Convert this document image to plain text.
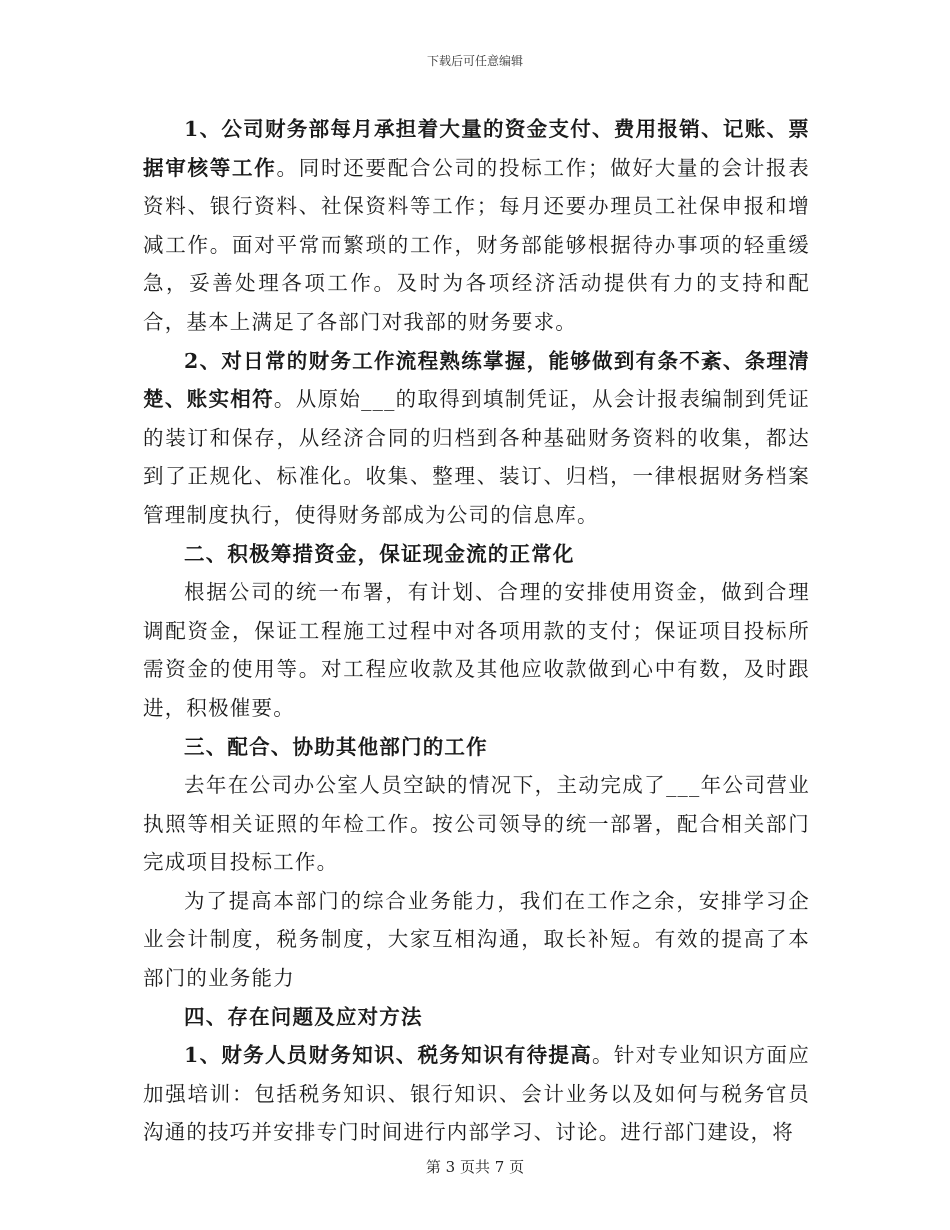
下载后可任意编辑

1、公司财务部每月承担着大量的资金支付、费用报销、记账、票据审核等工作。同时还要配合公司的投标工作；做好大量的会计报表资料、银行资料、社保资料等工作；每月还要办理员工社保申报和增减工作。面对平常而繁琐的工作，财务部能够根据待办事项的轻重缓急，妥善处理各项工作。及时为各项经济活动提供有力的支持和配合，基本上满足了各部门对我部的财务要求。

2、对日常的财务工作流程熟练掌握，能够做到有条不紊、条理清楚、账实相符。从原始___的取得到填制凭证，从会计报表编制到凭证的装订和保存，从经济合同的归档到各种基础财务资料的收集，都达到了正规化、标准化。收集、整理、装订、归档，一律根据财务档案管理制度执行，使得财务部成为公司的信息库。

二、积极筹措资金，保证现金流的正常化

根据公司的统一布署，有计划、合理的安排使用资金，做到合理调配资金，保证工程施工过程中对各项用款的支付；保证项目投标所需资金的使用等。对工程应收款及其他应收款做到心中有数，及时跟进，积极催要。

三、配合、协助其他部门的工作

去年在公司办公室人员空缺的情况下，主动完成了___年公司营业执照等相关证照的年检工作。按公司领导的统一部署，配合相关部门完成项目投标工作。

为了提高本部门的综合业务能力，我们在工作之余，安排学习企业会计制度，税务制度，大家互相沟通，取长补短。有效的提高了本部门的业务能力

四、存在问题及应对方法

1、财务人员财务知识、税务知识有待提高。针对专业知识方面应加强培训：包括税务知识、银行知识、会计业务以及如何与税务官员沟通的技巧并安排专门时间进行内部学习、讨论。进行部门建设，将

第 3 页共 7 页
